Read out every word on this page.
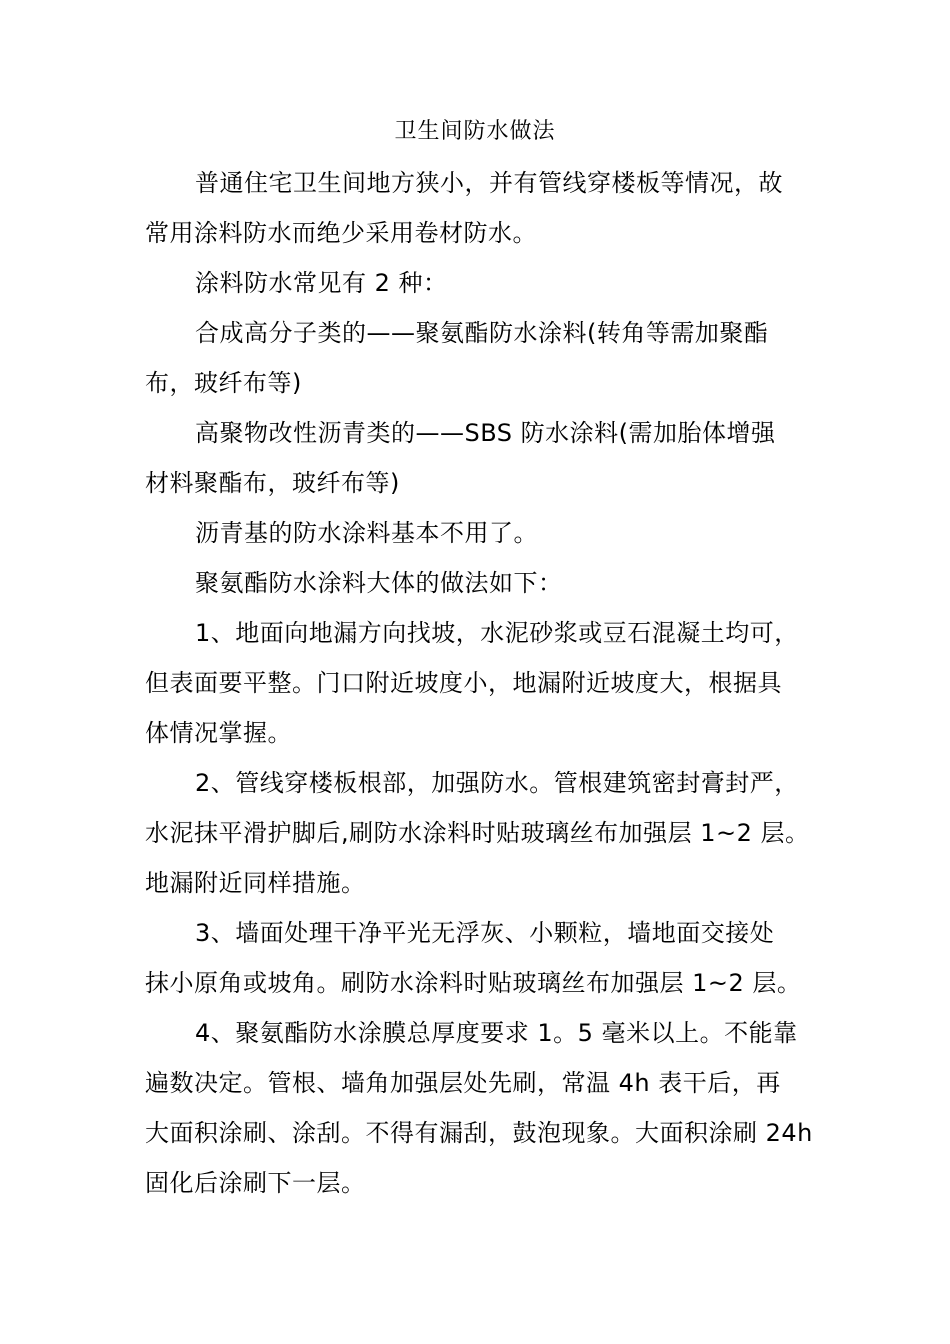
卫生间防水做法
普通住宅卫生间地方狭小，并有管线穿楼板等情况，故
常用涂料防水而绝少采用卷材防水。
涂料防水常见有 2 种：
合成高分子类的——聚氨酯防水涂料(转角等需加聚酯
布，玻纤布等)
高聚物改性沥青类的——SBS 防水涂料(需加胎体增强
材料聚酯布，玻纤布等)
沥青基的防水涂料基本不用了。
聚氨酯防水涂料大体的做法如下：
1、地面向地漏方向找坡，水泥砂浆或豆石混凝土均可，
但表面要平整。门口附近坡度小，地漏附近坡度大，根据具
体情况掌握。
2、管线穿楼板根部，加强防水。管根建筑密封膏封严，
水泥抹平滑护脚后,刷防水涂料时贴玻璃丝布加强层 1~2 层。
地漏附近同样措施。
3、墙面处理干净平光无浮灰、小颗粒，墙地面交接处
抹小原角或坡角。刷防水涂料时贴玻璃丝布加强层 1~2 层。
4、聚氨酯防水涂膜总厚度要求 1。5 毫米以上。不能靠
遍数决定。管根、墙角加强层处先刷，常温 4h 表干后，再
大面积涂刷、涂刮。不得有漏刮，鼓泡现象。大面积涂刷 24h
固化后涂刷下一层。
